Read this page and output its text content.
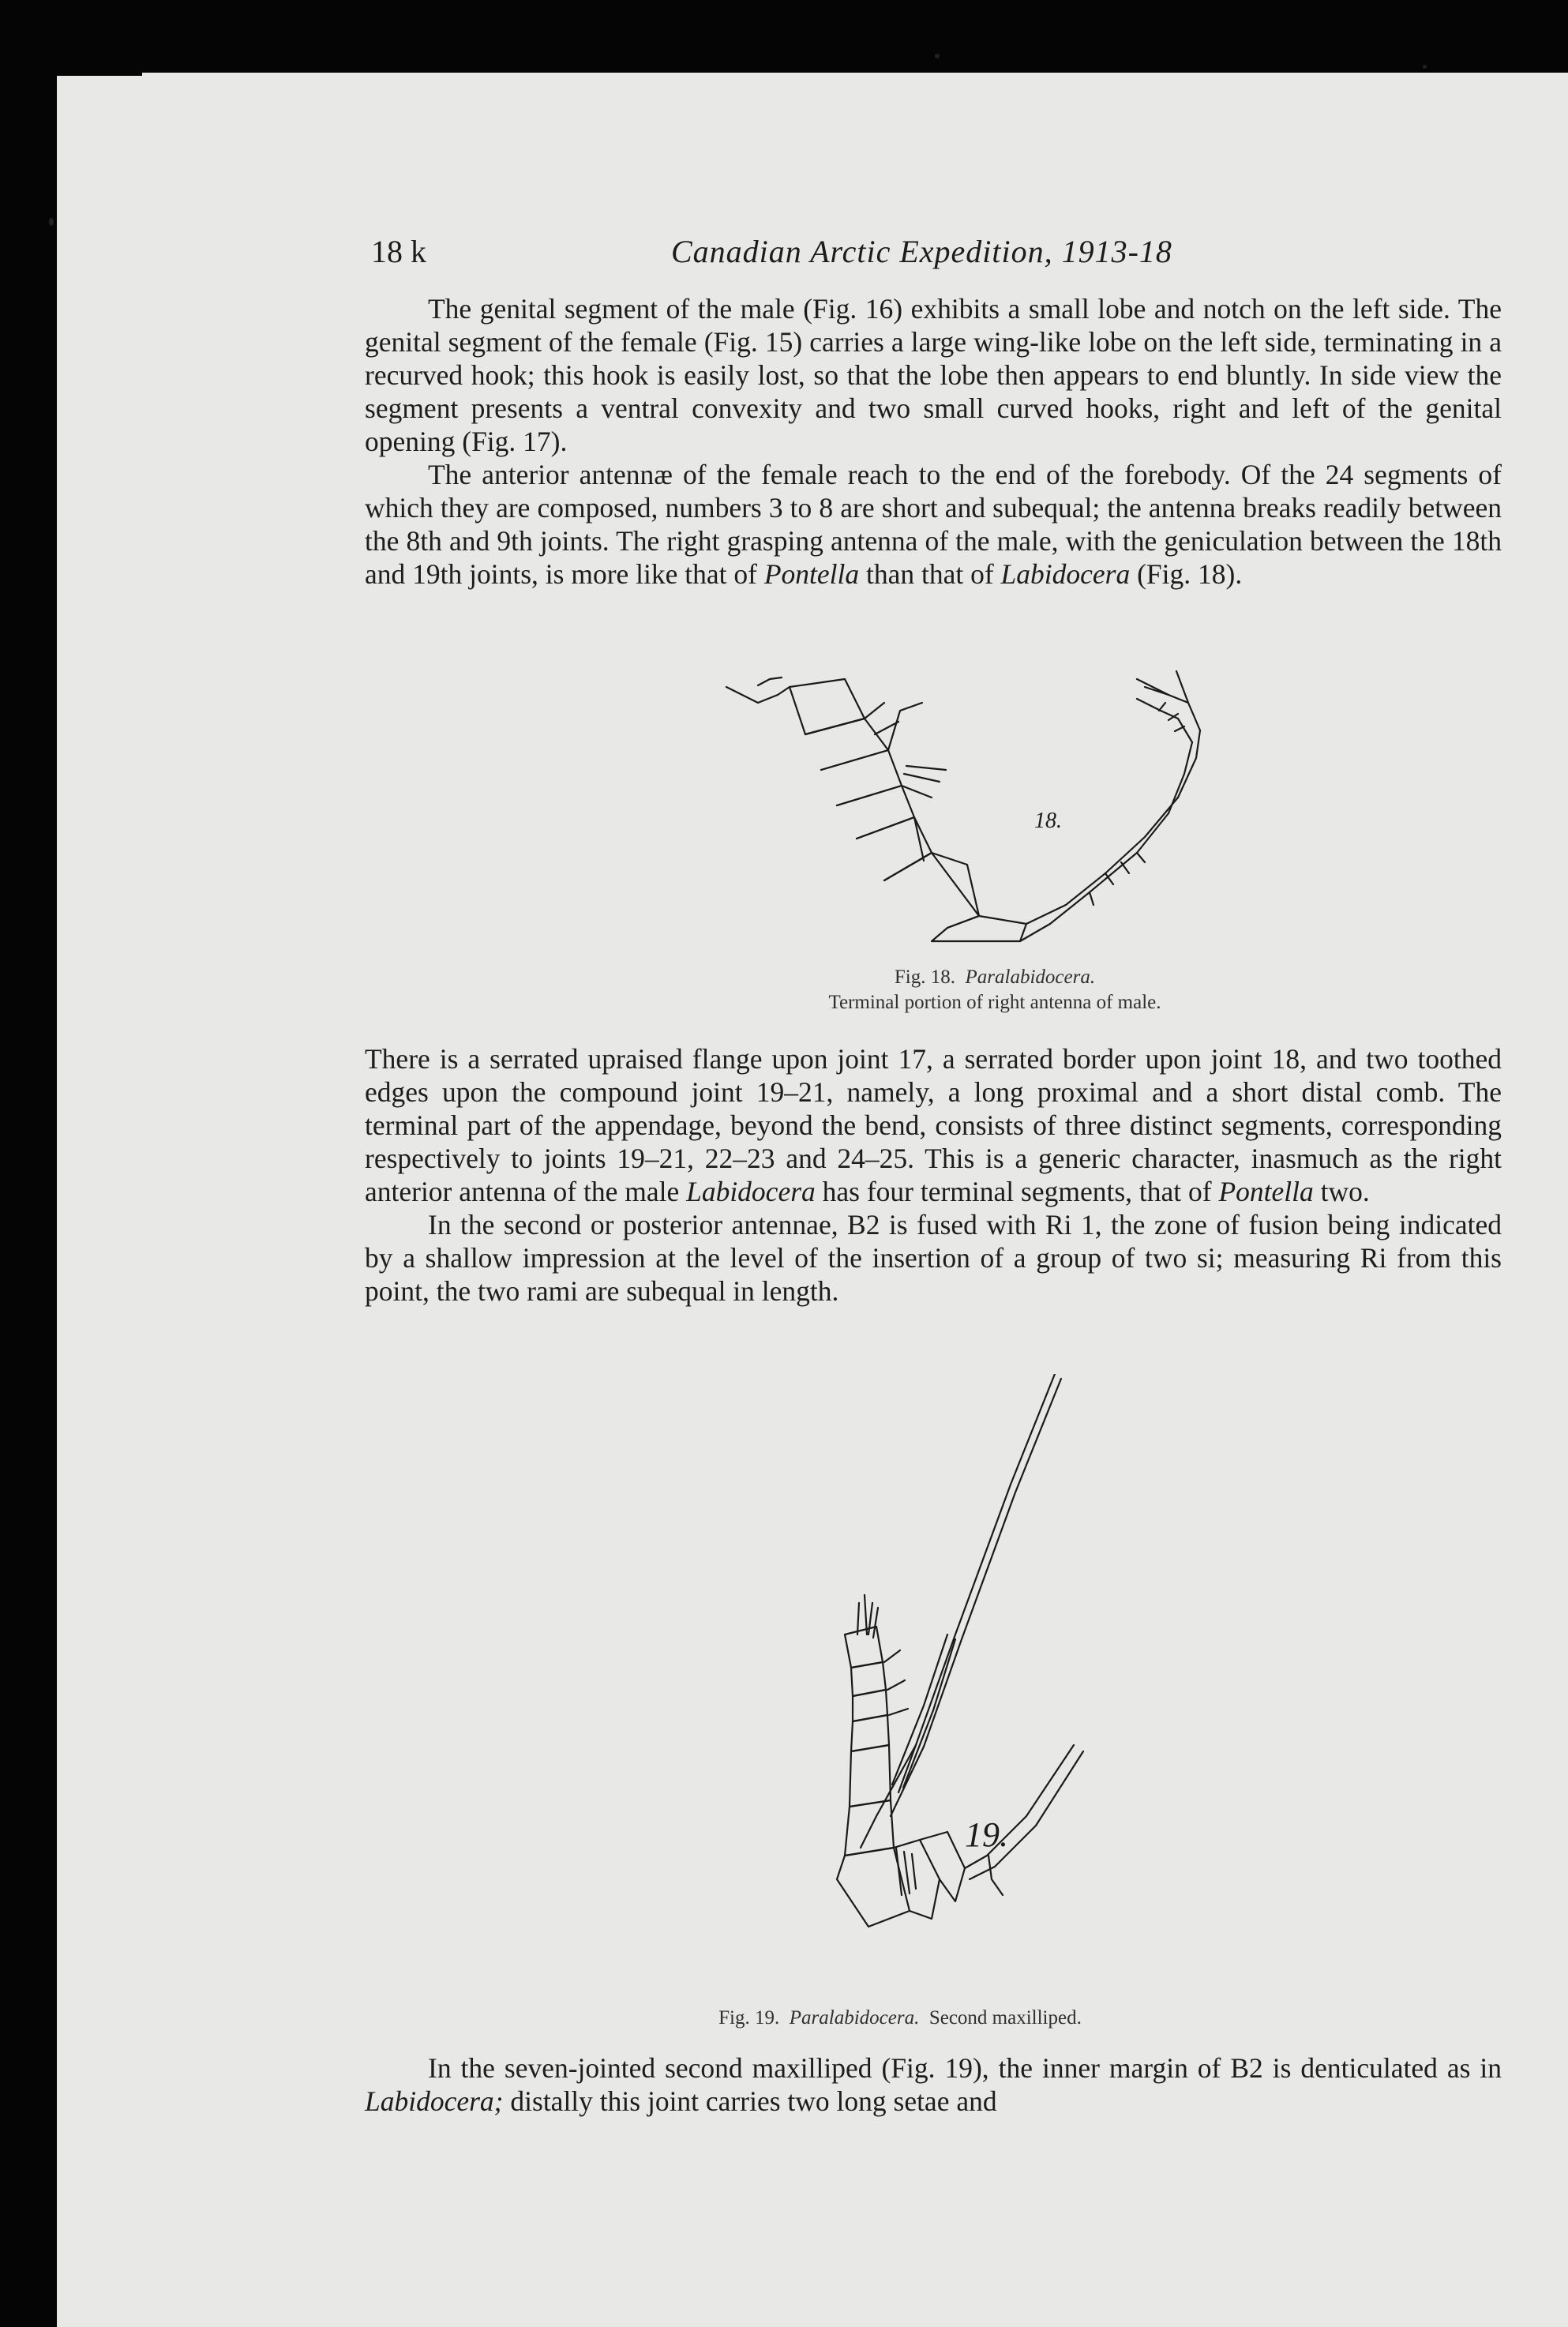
18 k	Canadian Arctic Expedition, 1913-18

The genital segment of the male (Fig. 16) exhibits a small lobe and notch on the left side. The genital segment of the female (Fig. 15) carries a large wing-like lobe on the left side, terminating in a recurved hook; this hook is easily lost, so that the lobe then appears to end bluntly. In side view the segment presents a ventral convexity and two small curved hooks, right and left of the genital opening (Fig. 17).

The anterior antennæ of the female reach to the end of the forebody. Of the 24 segments of which they are composed, numbers 3 to 8 are short and subequal; the antenna breaks readily between the 8th and 9th joints. The right grasping antenna of the male, with the geniculation between the 18th and 19th joints, is more like that of Pontella than that of Labidocera (Fig. 18).

18.
Fig. 18. Paralabidocera.
Terminal portion of right antenna of male.

There is a serrated upraised flange upon joint 17, a serrated border upon joint 18, and two toothed edges upon the compound joint 19–21, namely, a long proximal and a short distal comb. The terminal part of the appendage, beyond the bend, consists of three distinct segments, corresponding respectively to joints 19–21, 22–23 and 24–25. This is a generic character, inasmuch as the right anterior antenna of the male Labidocera has four terminal segments, that of Pontella two.

In the second or posterior antennae, B2 is fused with Ri 1, the zone of fusion being indicated by a shallow impression at the level of the insertion of a group of two si; measuring Ri from this point, the two rami are subequal in length.

19.
Fig. 19. Paralabidocera. Second maxilliped.

In the seven-jointed second maxilliped (Fig. 19), the inner margin of B2 is denticulated as in Labidocera; distally this joint carries two long setae and
